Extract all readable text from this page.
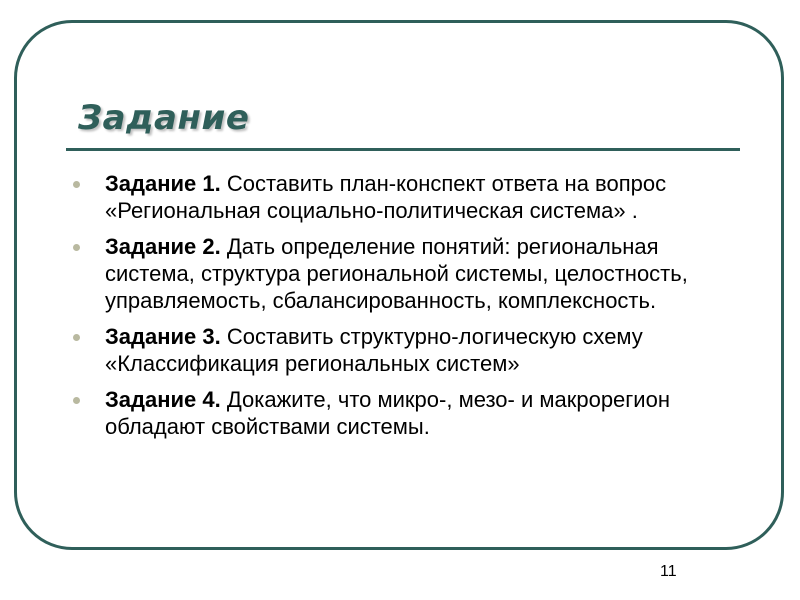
Задание
Задание 1. Составить план-конспект ответа на вопрос «Региональная социально-политическая система» .
Задание 2. Дать определение понятий: региональная система, структура региональной системы, целостность, управляемость, сбалансированность, комплексность.
Задание 3. Составить структурно-логическую схему «Классификация региональных систем»
Задание 4. Докажите, что микро-, мезо- и макрорегион обладают свойствами системы.
11
